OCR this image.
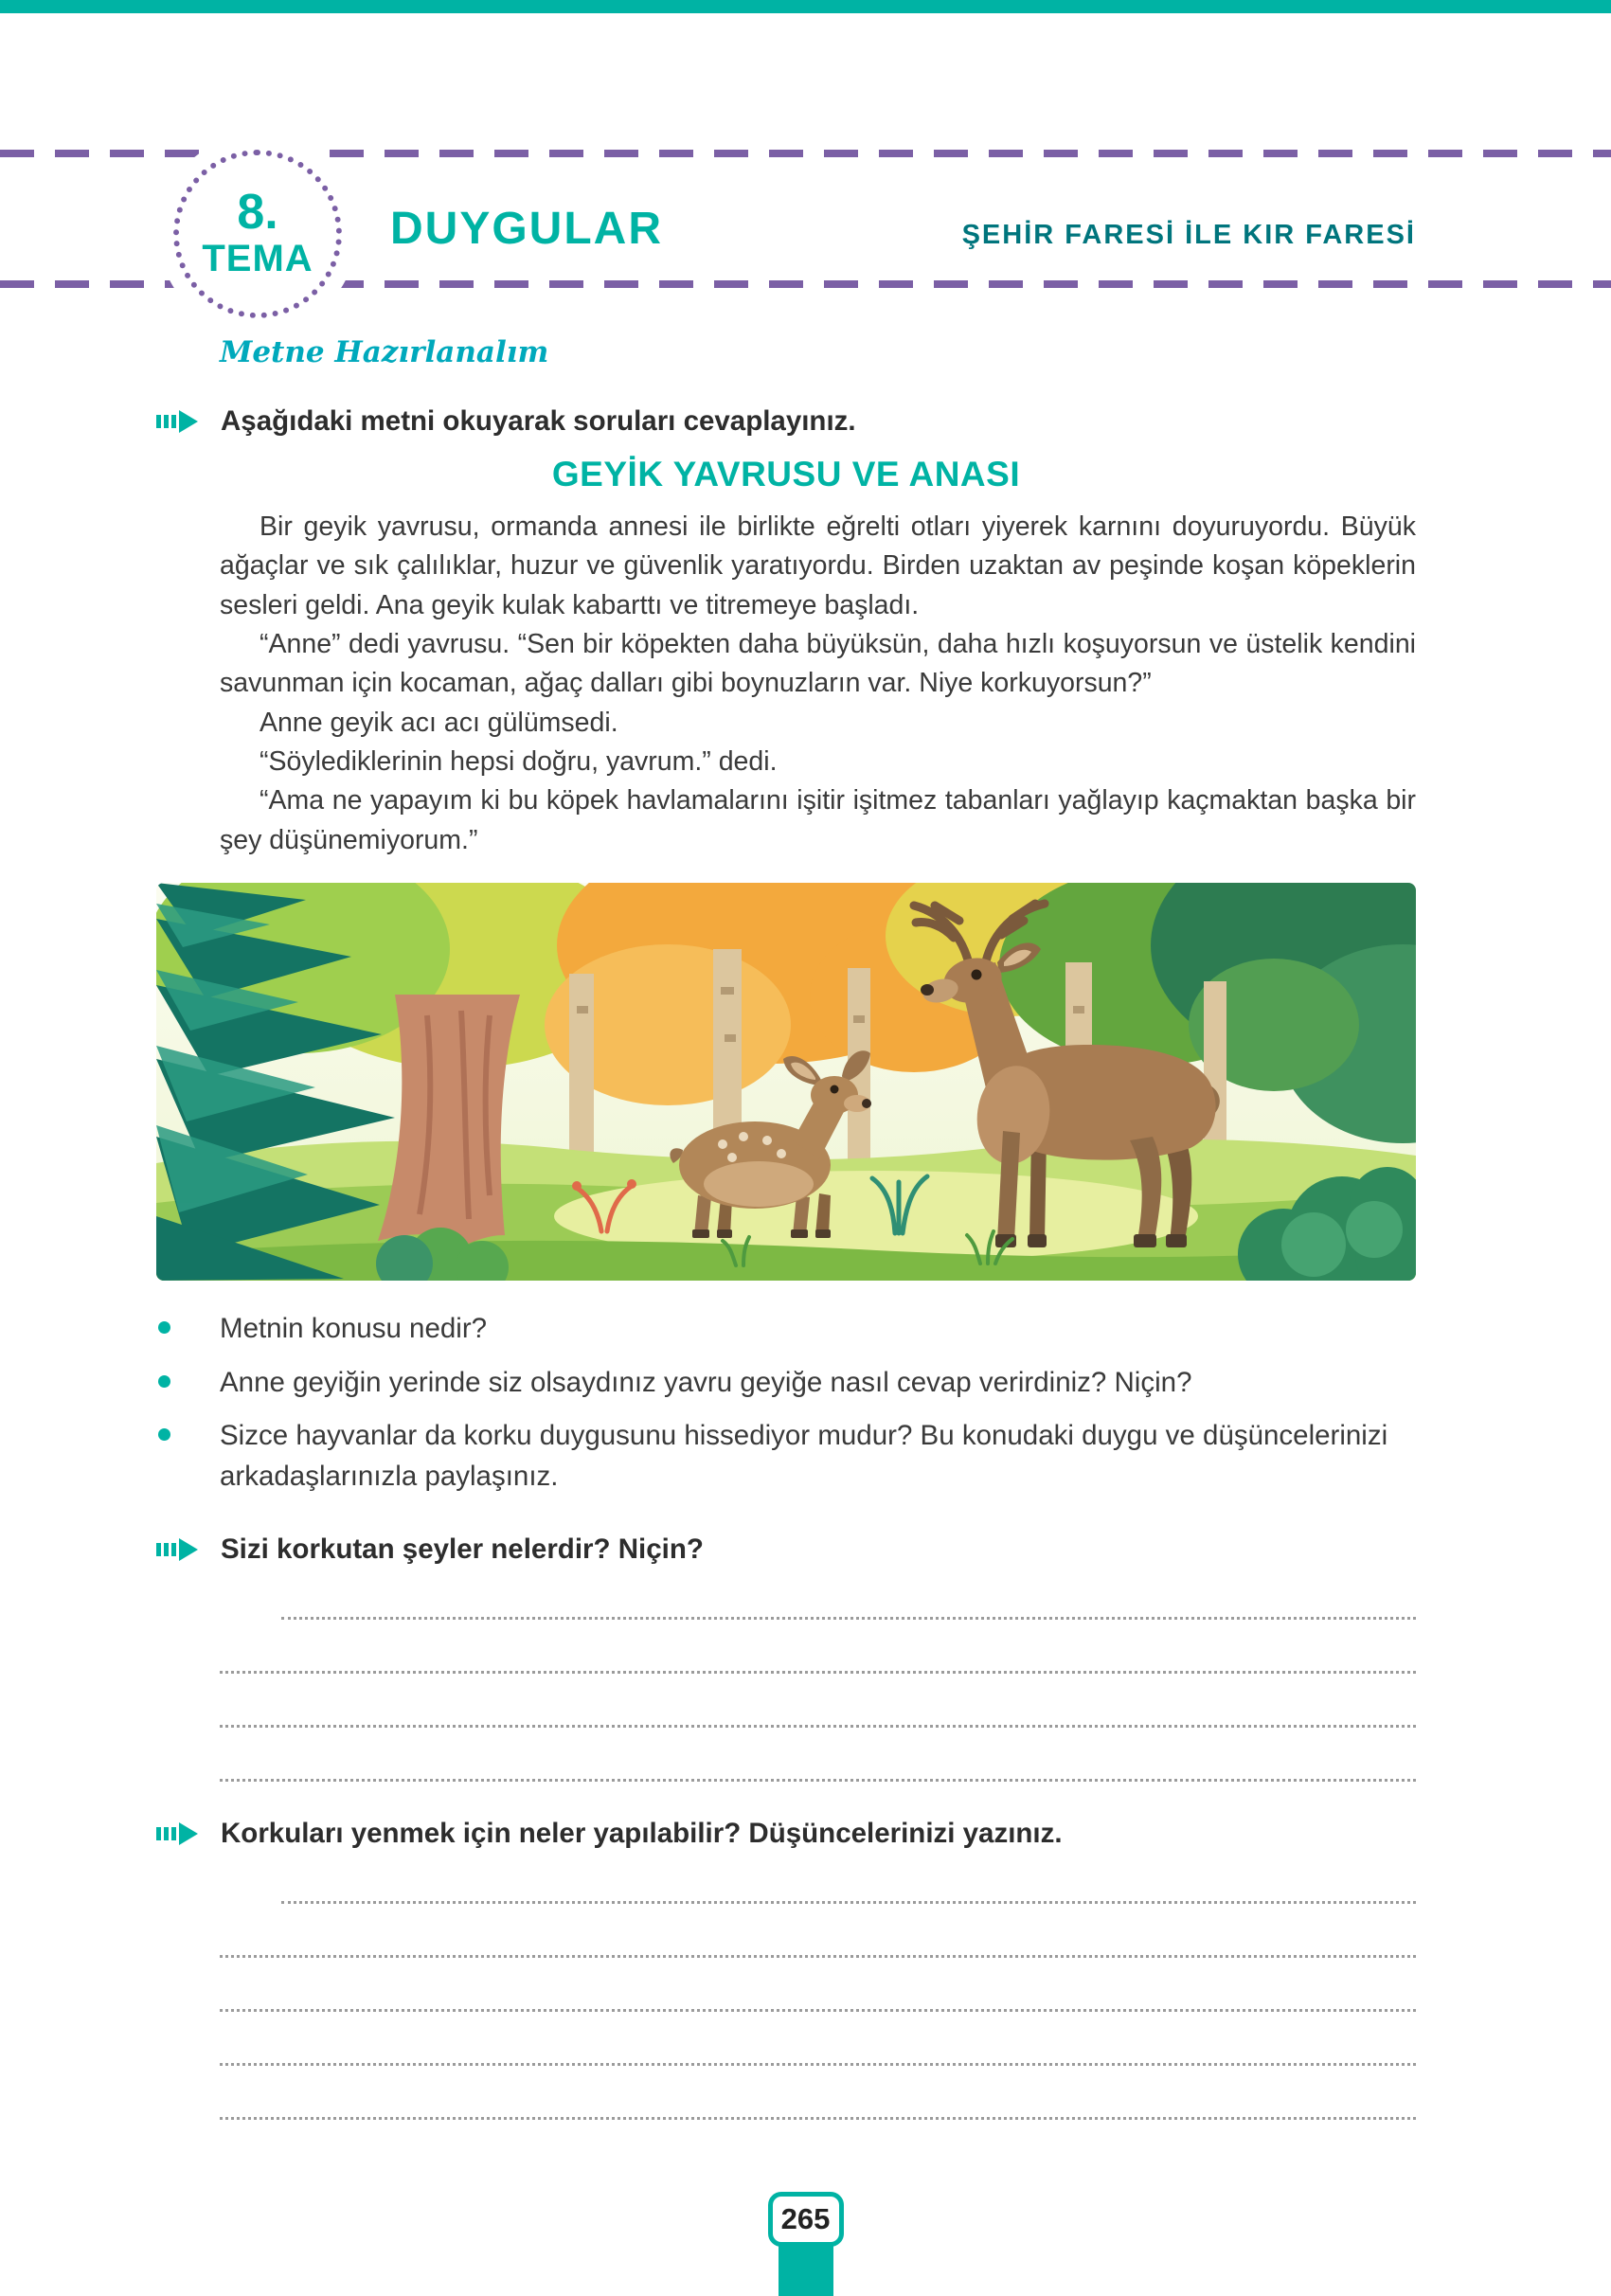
8.
TEMA
DUYGULAR	ŞEHİR FARESİ İLE KIR FARESİ
Metne Hazırlanalım
Aşağıdaki metni okuyarak soruları cevaplayınız.
GEYİK YAVRUSU VE ANASI

Bir geyik yavrusu, ormanda annesi ile birlikte eğrelti otları yiyerek karnını doyuruyordu. Büyük ağaçlar ve sık çalılıklar, huzur ve güvenlik yaratıyordu. Birden uzaktan av peşinde koşan köpeklerin sesleri geldi. Ana geyik kulak kabarttı ve titremeye başladı.

“Anne” dedi yavrusu. “Sen bir köpekten daha büyüksün, daha hızlı koşuyorsun ve üstelik kendini savunman için kocaman, ağaç dalları gibi boynuzların var. Niye korkuyorsun?”

Anne geyik acı acı gülümsedi.

“Söylediklerinin hepsi doğru, yavrum.” dedi.

“Ama ne yapayım ki bu köpek havlamalarını işitir işitmez tabanları yağlayıp kaçmaktan başka bir şey düşünemiyorum.”

Metnin konusu nedir?
Anne geyiğin yerinde siz olsaydınız yavru geyiğe nasıl cevap verirdiniz? Niçin?
Sizce hayvanlar da korku duygusunu hissediyor mudur? Bu konudaki duygu ve düşüncelerinizi arkadaşlarınızla paylaşınız.
Sizi korkutan şeyler nelerdir? Niçin?
Korkuları yenmek için neler yapılabilir? Düşüncelerinizi yazınız.
265
